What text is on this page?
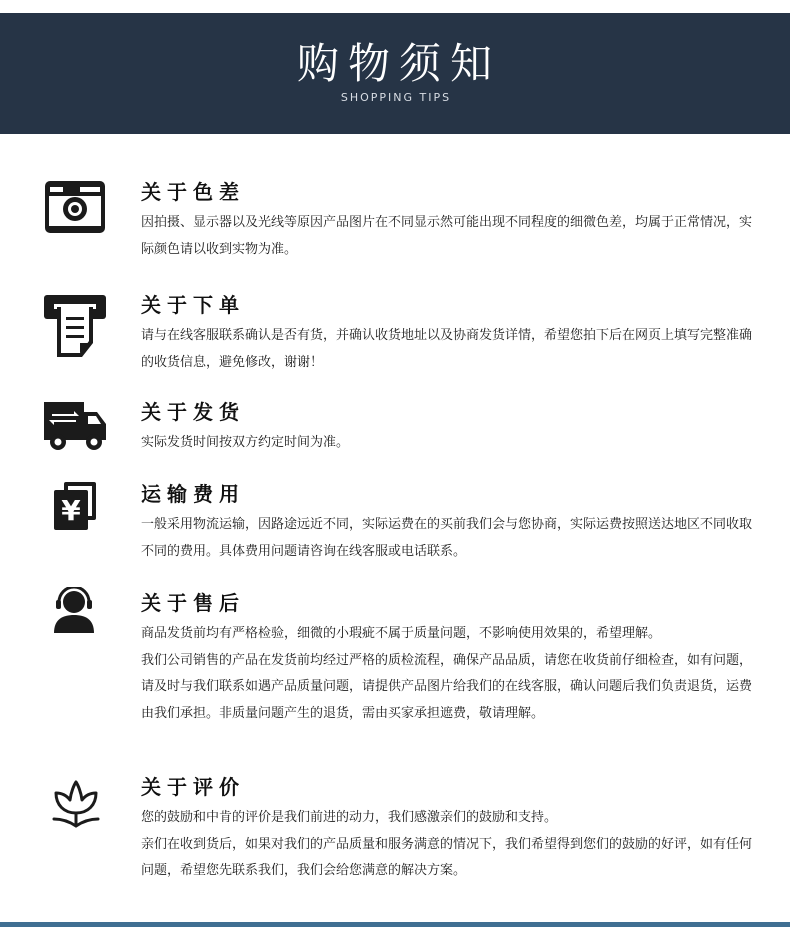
购物须知
SHOPPING TIPS
关于色差

因拍摄、显示器以及光线等原因产品图片在不同显示然可能出现不同程度的细微色差，均属于正常情况，实际颜色请以收到实物为准。

关于下单

请与在线客服联系确认是否有货，并确认收货地址以及协商发货详情，希望您拍下后在网页上填写完整准确的收货信息，避免修改，谢谢！

关于发货

实际发货时间按双方约定时间为准。

¥	运输费用

一般采用物流运输，因路途远近不同，实际运费在的买前我们会与您协商，实际运费按照送达地区不同收取不同的费用。具体费用问题请咨询在线客服或电话联系。

关于售后

商品发货前均有严格检验，细微的小瑕疵不属于质量问题，不影响使用效果的，希望理解。

我们公司销售的产品在发货前均经过严格的质检流程，确保产品品质，请您在收货前仔细检查，如有问题，请及时与我们联系如遇产品质量问题，请提供产品图片给我们的在线客服，确认问题后我们负责退货，运费由我们承担。非质量问题产生的退货，需由买家承担遮费，敬请理解。

关于评价

您的鼓励和中肯的评价是我们前进的动力，我们感激亲们的鼓励和支持。

亲们在收到货后，如果对我们的产品质量和服务满意的情况下，我们希望得到您们的鼓励的好评，如有任何问题，希望您先联系我们，我们会给您满意的解决方案。
